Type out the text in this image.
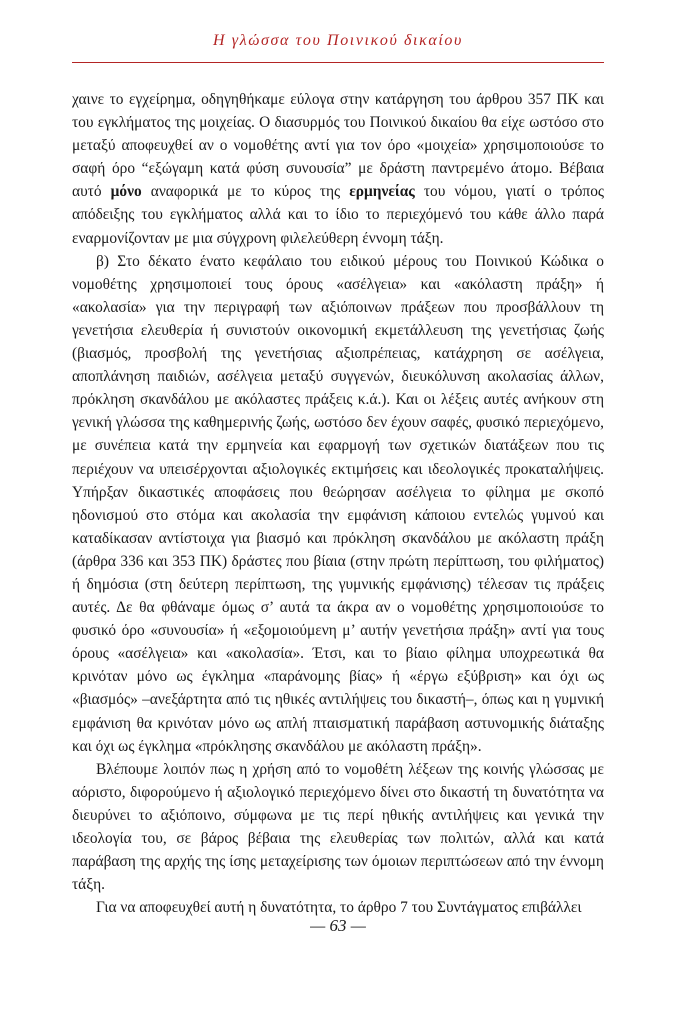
Η γλώσσα του Ποινικού δικαίου

χαινε το εγχείρημα, οδηγηθήκαμε εύλογα στην κατάργηση του άρθρου 357 ΠΚ και του εγκλήματος της μοιχείας. Ο διασυρμός του Ποινικού δικαίου θα είχε ωστόσο στο μεταξύ αποφευχθεί αν ο νομοθέτης αντί για τον όρο «μοιχεία» χρησιμοποιούσε το σαφή όρο “εξώγαμη κατά φύση συνουσία” με δράστη παντρεμένο άτομο. Βέβαια αυτό μόνο αναφορικά με το κύρος της ερμηνείας του νόμου, γιατί ο τρόπος απόδειξης του εγκλήματος αλλά και το ίδιο το περιεχόμενό του κάθε άλλο παρά εναρμονίζονταν με μια σύγχρονη φιλελεύθερη έννομη τάξη.

β) Στο δέκατο ένατο κεφάλαιο του ειδικού μέρους του Ποινικού Κώδικα ο νομοθέτης χρησιμοποιεί τους όρους «ασέλγεια» και «ακόλαστη πράξη» ή «ακολασία» για την περιγραφή των αξιόποινων πράξεων που προσβάλλουν τη γενετήσια ελευθερία ή συνιστούν οικονομική εκμετάλλευση της γενετήσιας ζωής (βιασμός, προσβολή της γενετήσιας αξιοπρέπειας, κατάχρηση σε ασέλγεια, αποπλάνηση παιδιών, ασέλγεια μεταξύ συγγενών, διευκόλυνση ακολασίας άλλων, πρόκληση σκανδάλου με ακόλαστες πράξεις κ.ά.). Και οι λέξεις αυτές ανήκουν στη γενική γλώσσα της καθημερινής ζωής, ωστόσο δεν έχουν σαφές, φυσικό περιεχόμενο, με συνέπεια κατά την ερμηνεία και εφαρμογή των σχετικών διατάξεων που τις περιέχουν να υπεισέρχονται αξιολογικές εκτιμήσεις και ιδεολογικές προκαταλήψεις. Υπήρξαν δικαστικές αποφάσεις που θεώρησαν ασέλγεια το φίλημα με σκοπό ηδονισμού στο στόμα και ακολασία την εμφάνιση κάποιου εντελώς γυμνού και καταδίκασαν αντίστοιχα για βιασμό και πρόκληση σκανδάλου με ακόλαστη πράξη (άρθρα 336 και 353 ΠΚ) δράστες που βίαια (στην πρώτη περίπτωση, του φιλήματος) ή δημόσια (στη δεύτερη περίπτωση, της γυμνικής εμφάνισης) τέλεσαν τις πράξεις αυτές. Δε θα φθάναμε όμως σ’ αυτά τα άκρα αν ο νομοθέτης χρησιμοποιούσε το φυσικό όρο «συνουσία» ή «εξομοιούμενη μ’ αυτήν γενετήσια πράξη» αντί για τους όρους «ασέλγεια» και «ακολασία». Έτσι, και το βίαιο φίλημα υποχρεωτικά θα κρινόταν μόνο ως έγκλημα «παράνομης βίας» ή «έργω εξύβριση» και όχι ως «βιασμός» –ανεξάρτητα από τις ηθικές αντιλήψεις του δικαστή–, όπως και η γυμνική εμφάνιση θα κρινόταν μόνο ως απλή πταισματική παράβαση αστυνομικής διάταξης και όχι ως έγκλημα «πρόκλησης σκανδάλου με ακόλαστη πράξη».

Βλέπουμε λοιπόν πως η χρήση από το νομοθέτη λέξεων της κοινής γλώσσας με αόριστο, διφορούμενο ή αξιολογικό περιεχόμενο δίνει στο δικαστή τη δυνατότητα να διευρύνει το αξιόποινο, σύμφωνα με τις περί ηθικής αντιλήψεις και γενικά την ιδεολογία του, σε βάρος βέβαια της ελευθερίας των πολιτών, αλλά και κατά παράβαση της αρχής της ίσης μεταχείρισης των όμοιων περιπτώσεων από την έννομη τάξη.

Για να αποφευχθεί αυτή η δυνατότητα, το άρθρο 7 του Συντάγματος επιβάλλει

— 63 —
